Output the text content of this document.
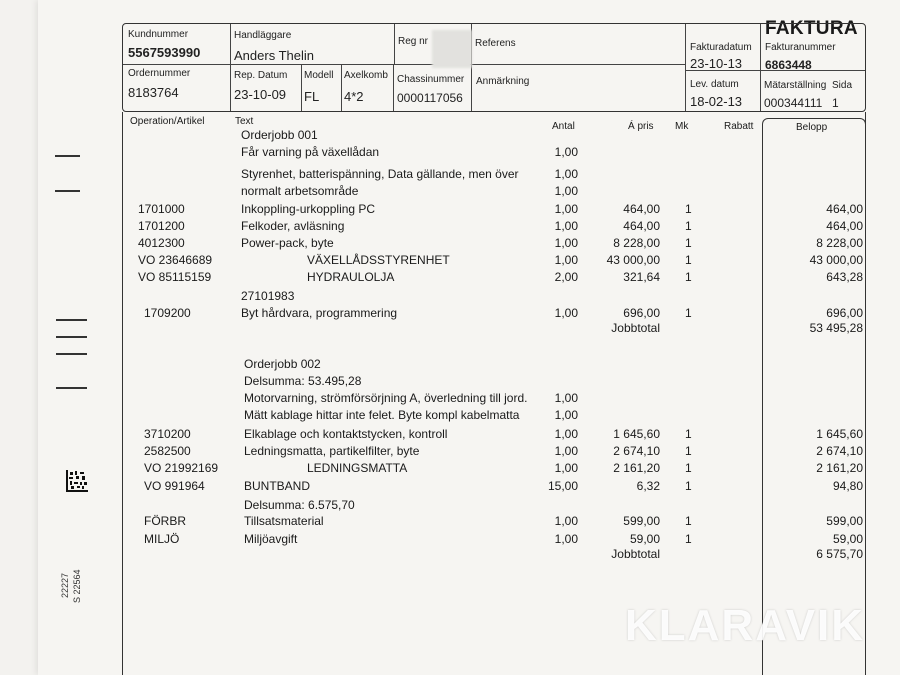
FAKTURA
Kundnummer
5567593990
Handläggare
Anders Thelin
Reg nr	Referens	Fakturadatum
23-10-13
Fakturanummer
6863448
Ordernummer
8183764
Rep. Datum
23-10-09
Modell
FL
Axelkomb
4*2
Chassinummer
0000117056
Anmärkning	Lev. datum
18-02-13
Mätarställning Sida
000344111 1
Operation/Artikel	Text	Antal	Á pris Mk	Rabatt	Belopp
Orderjobb 001
Får varning på växellådan	1,00
Styrenhet, batterispänning, Data gällande, men över	1,00
normalt arbetsområde	1,00
1701000	Inkoppling-urkoppling PC	1,00	464,00 1	464,00
1701200	Felkoder, avläsning	1,00	464,00 1	464,00
4012300	Power-pack, byte	1,00	8 228,00 1	8 228,00
VO 23646689	VÄXELLÅDSSTYRENHET	1,00	43 000,00 1	43 000,00
VO 85115159	HYDRAULOLJA	2,00	321,64 1	643,28
27101983
1709200	Byt hårdvara, programmering	1,00	696,00 1	696,00
Jobbtotal	53 495,28
Orderjobb 002
Delsumma: 53.495,28
Motorvarning, strömförsörjning A, överledning till jord.	1,00
Mätt kablage hittar inte felet. Byte kompl kabelmatta	1,00
3710200	Elkablage och kontaktstycken, kontroll	1,00	1 645,60 1	1 645,60
2582500	Ledningsmatta, partikelfilter, byte	1,00	2 674,10 1	2 674,10
VO 21992169	LEDNINGSMATTA	1,00	2 161,20 1	2 161,20
VO 991964	BUNTBAND	15,00	6,32 1	94,80
Delsumma: 6.575,70
FÖRBR	Tillsatsmaterial	1,00	599,00 1	599,00
MILJÖ	Miljöavgift	1,00	59,00 1	59,00
Jobbtotal	6 575,70
22227 S 22564
KLARAVIK
